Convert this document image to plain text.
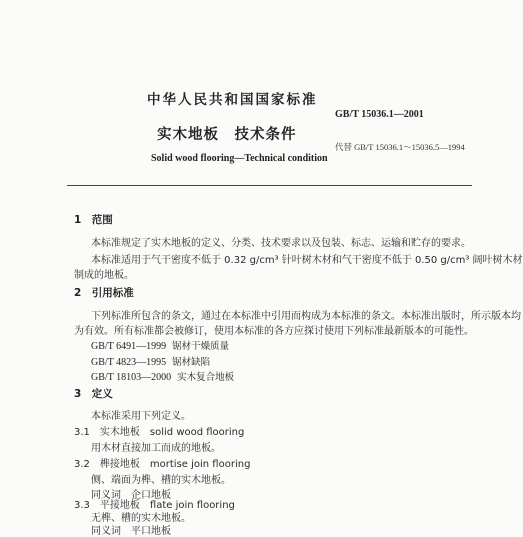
中华人民共和国国家标准
GB/T 15036.1—2001
实木地板　技术条件
Solid wood flooring—Technical condition
代替 GB/T 15036.1～15036.5—1994
1　范围
本标准规定了实木地板的定义、分类、技术要求以及包装、标志、运输和贮存的要求。
本标准适用于气干密度不低于 0.32 g/cm³ 针叶树木材和气干密度不低于 0.50 g/cm³ 阔叶树木材
制成的地板。
2　引用标准
下列标准所包含的条文，通过在本标准中引用而构成为本标准的条文。本标准出版时，所示版本均
为有效。所有标准都会被修订，使用本标准的各方应探讨使用下列标准最新版本的可能性。
GB/T 6491—1999 锯材干燥质量
GB/T 4823—1995 锯材缺陷
GB/T 18103—2000 实木复合地板
3　定义
本标准采用下列定义。
3.1　实木地板　solid wood flooring
用木材直接加工而成的地板。
3.2　榫接地板　mortise join flooring
侧、端面为榫、槽的实木地板。
同义词　企口地板
3.3　平接地板　flate join flooring
无榫、槽的实木地板。
同义词　平口地板
